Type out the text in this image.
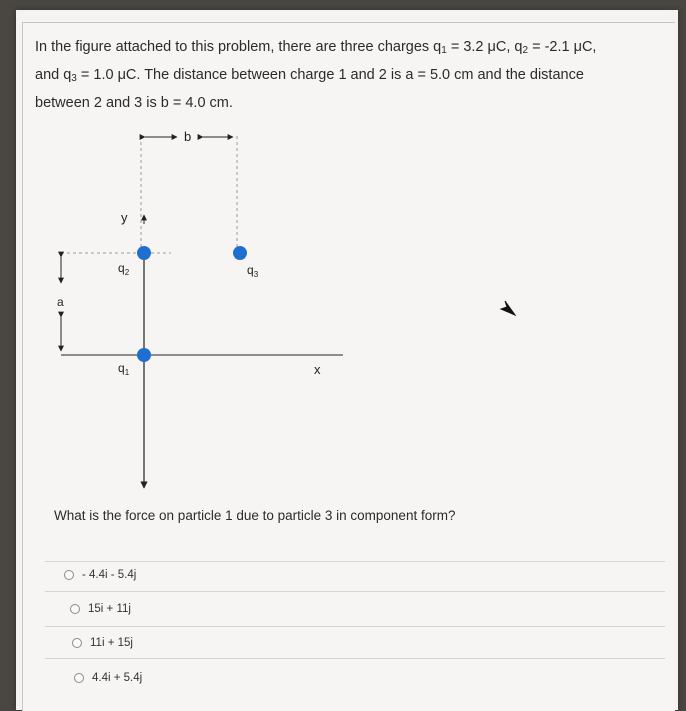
In the figure attached to this problem, there are three charges $q_1 = 3.2$ μC, $q_2 = -2.1$ μC,
and $q_3 = 1.0$ μC. The distance between charge 1 and 2 is a = 5.0 cm and the distance
between 2 and 3 is b = 4.0 cm.
b
y
x
a
$q_2$	$q_3$
$q_1$
What is the force on particle 1 due to particle 3 in component form?
- 4.4i - 5.4j
15i + 11j
11i + 15j
4.4i + 5.4j
